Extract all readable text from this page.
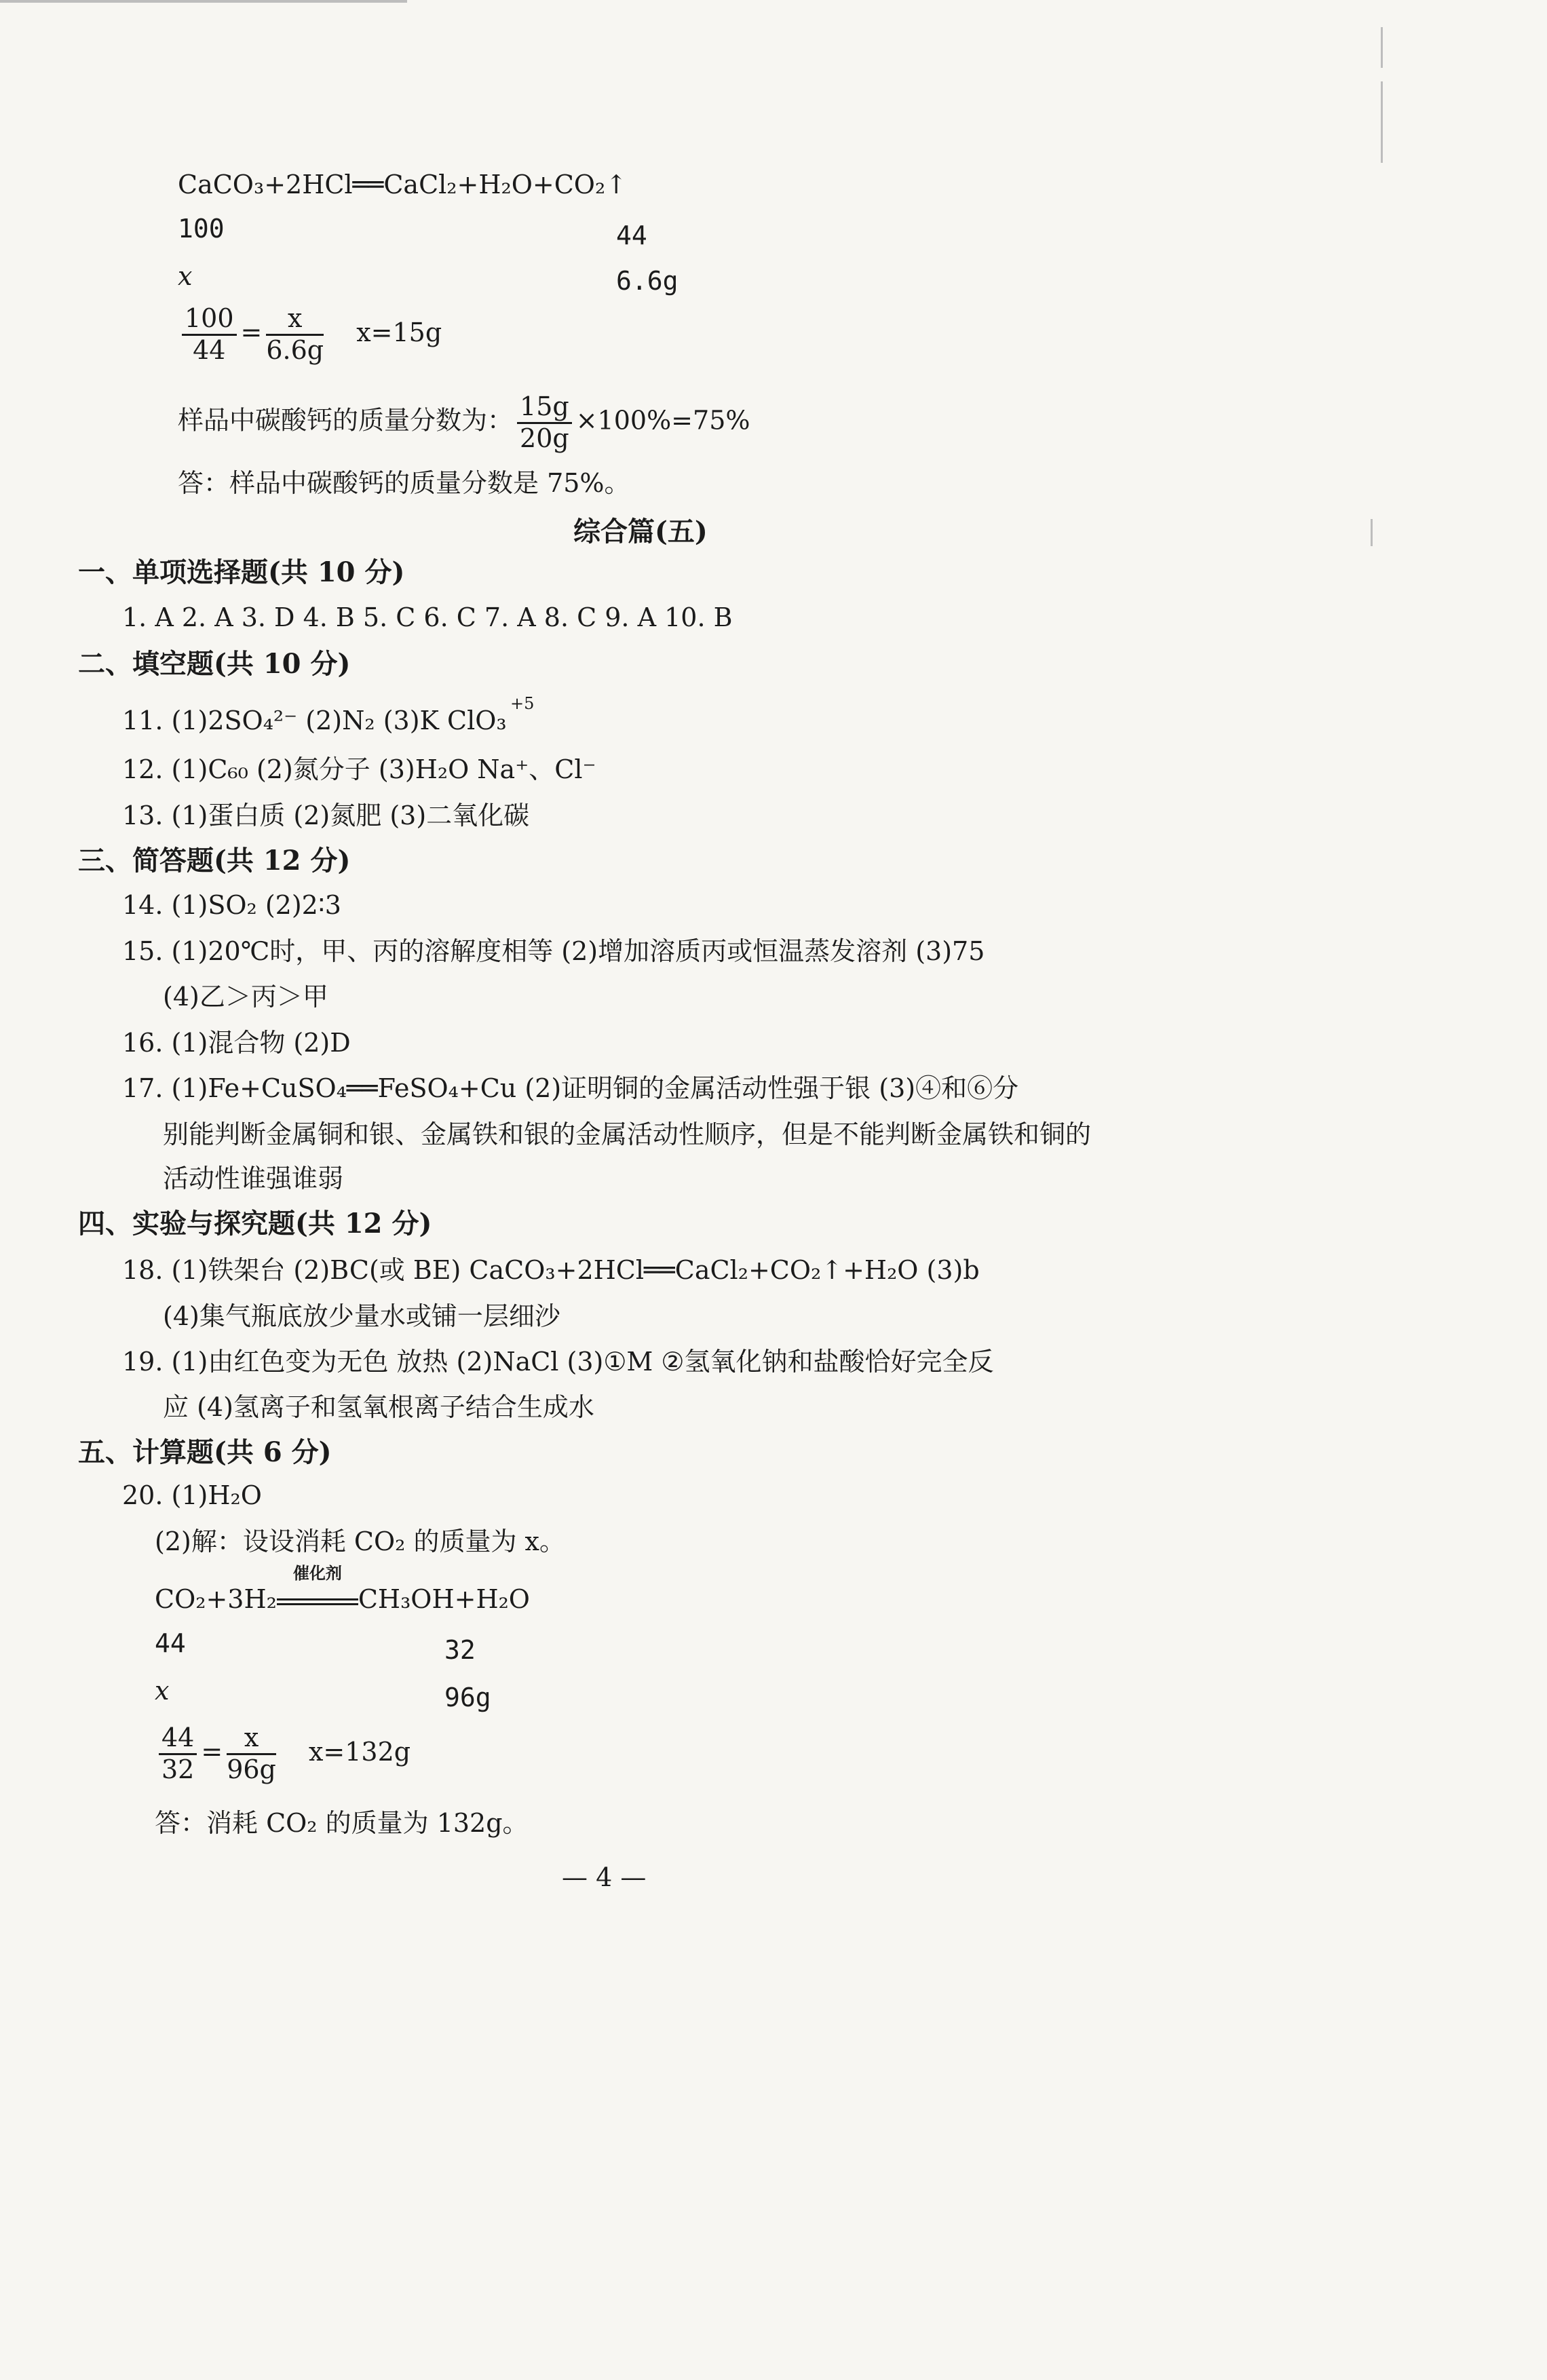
CaCO₃+2HCl══CaCl₂+H₂O+CO₂↑
100	44
x	6.6g
$\frac{100}{44} = \frac{x}{6.6g} x=15g$
样品中碳酸钙的质量分数为： $\frac{15g}{20g} \times 100\%=75\%$
答：样品中碳酸钙的质量分数是 75%。
综合篇(五)
一、单项选择题(共 10 分)
1. A 2. A 3. D 4. B 5. C 6. C 7. A 8. C 9. A 10. B
二、填空题(共 10 分)
+5
11. (1)2SO₄²⁻ (2)N₂ (3)K ClO₃
12. (1)C₆₀ (2)氮分子 (3)H₂O Na⁺、Cl⁻
13. (1)蛋白质 (2)氮肥 (3)二氧化碳
三、简答题(共 12 分)
14. (1)SO₂ (2)2∶3
15. (1)20℃时，甲、丙的溶解度相等 (2)增加溶质丙或恒温蒸发溶剂 (3)75
(4)乙＞丙＞甲
16. (1)混合物 (2)D
17. (1)Fe+CuSO₄══FeSO₄+Cu (2)证明铜的金属活动性强于银 (3)④和⑥分
别能判断金属铜和银、金属铁和银的金属活动性顺序，但是不能判断金属铁和铜的
活动性谁强谁弱
四、实验与探究题(共 12 分)
18. (1)铁架台 (2)BC(或 BE) CaCO₃+2HCl══CaCl₂+CO₂↑+H₂O (3)b
(4)集气瓶底放少量水或铺一层细沙
19. (1)由红色变为无色 放热 (2)NaCl (3)①M ②氢氧化钠和盐酸恰好完全反
应 (4)氢离子和氢氧根离子结合生成水
五、计算题(共 6 分)
20. (1)H₂O
(2)解：设设消耗 CO₂ 的质量为 x。
CO₂+3H₂
催化剂
CH₃OH+H₂O
44	32
x	96g
$\frac{44}{32} = \frac{x}{96g} x=132g$
答：消耗 CO₂ 的质量为 132g。
— 4 —
